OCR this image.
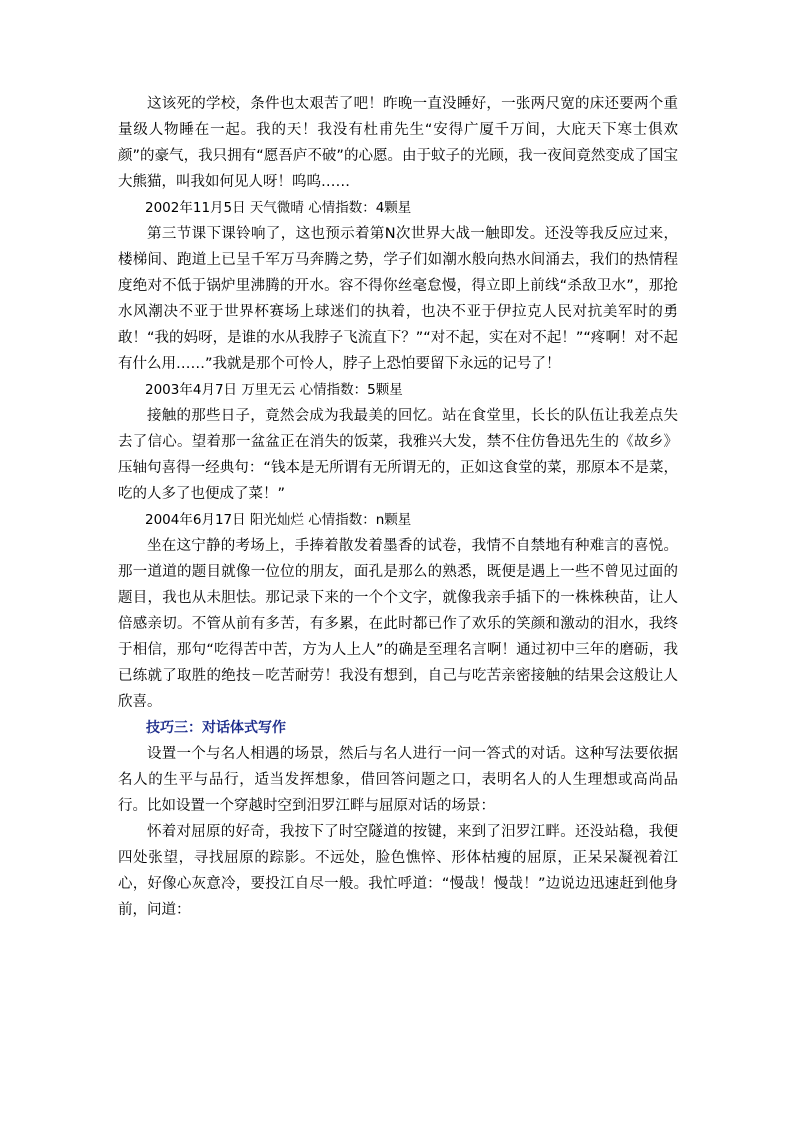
这该死的学校，条件也太艰苦了吧！昨晚一直没睡好，一张两尺宽的床还要两个重量级人物睡在一起。我的天！我没有杜甫先生“安得广厦千万间，大庇天下寒士俱欢颜”的豪气，我只拥有“愿吾庐不破”的心愿。由于蚊子的光顾，我一夜间竟然变成了国宝大熊猫，叫我如何见人呀！呜呜……

2002年11月5日 天气微晴 心情指数：4颗星

第三节课下课铃响了，这也预示着第N次世界大战一触即发。还没等我反应过来，楼梯间、跑道上已呈千军万马奔腾之势，学子们如潮水般向热水间涌去，我们的热情程度绝对不低于锅炉里沸腾的开水。容不得你丝毫怠慢，得立即上前线“杀敌卫水”，那抢水风潮决不亚于世界杯赛场上球迷们的执着，也决不亚于伊拉克人民对抗美军时的勇敢！“我的妈呀，是谁的水从我脖子飞流直下？”“对不起，实在对不起！”“疼啊！对不起有什么用……”我就是那个可怜人，脖子上恐怕要留下永远的记号了！

2003年4月7日 万里无云 心情指数：5颗星

接触的那些日子，竟然会成为我最美的回忆。站在食堂里，长长的队伍让我差点失去了信心。望着那一盆盆正在消失的饭菜，我雅兴大发，禁不住仿鲁迅先生的《故乡》压轴句喜得一经典句：“钱本是无所谓有无所谓无的，正如这食堂的菜，那原本不是菜，吃的人多了也便成了菜！”

2004年6月17日 阳光灿烂 心情指数：n颗星

坐在这宁静的考场上，手捧着散发着墨香的试卷，我情不自禁地有种难言的喜悦。那一道道的题目就像一位位的朋友，面孔是那么的熟悉，既便是遇上一些不曾见过面的题目，我也从未胆怯。那记录下来的一个个文字，就像我亲手插下的一株株秧苗，让人倍感亲切。不管从前有多苦，有多累，在此时都已作了欢乐的笑颜和激动的泪水，我终于相信，那句“吃得苦中苦，方为人上人”的确是至理名言啊！通过初中三年的磨砺，我已练就了取胜的绝技－吃苦耐劳！我没有想到，自己与吃苦亲密接触的结果会这般让人欣喜。

技巧三：对话体式写作

设置一个与名人相遇的场景，然后与名人进行一问一答式的对话。这种写法要依据名人的生平与品行，适当发挥想象，借回答问题之口，表明名人的人生理想或高尚品行。比如设置一个穿越时空到汨罗江畔与屈原对话的场景：

怀着对屈原的好奇，我按下了时空隧道的按键，来到了汨罗江畔。还没站稳，我便四处张望，寻找屈原的踪影。不远处，脸色憔悴、形体枯瘦的屈原，正呆呆凝视着江心，好像心灰意冷，要投江自尽一般。我忙呼道：“慢哉！慢哉！”边说边迅速赶到他身前，问道：
